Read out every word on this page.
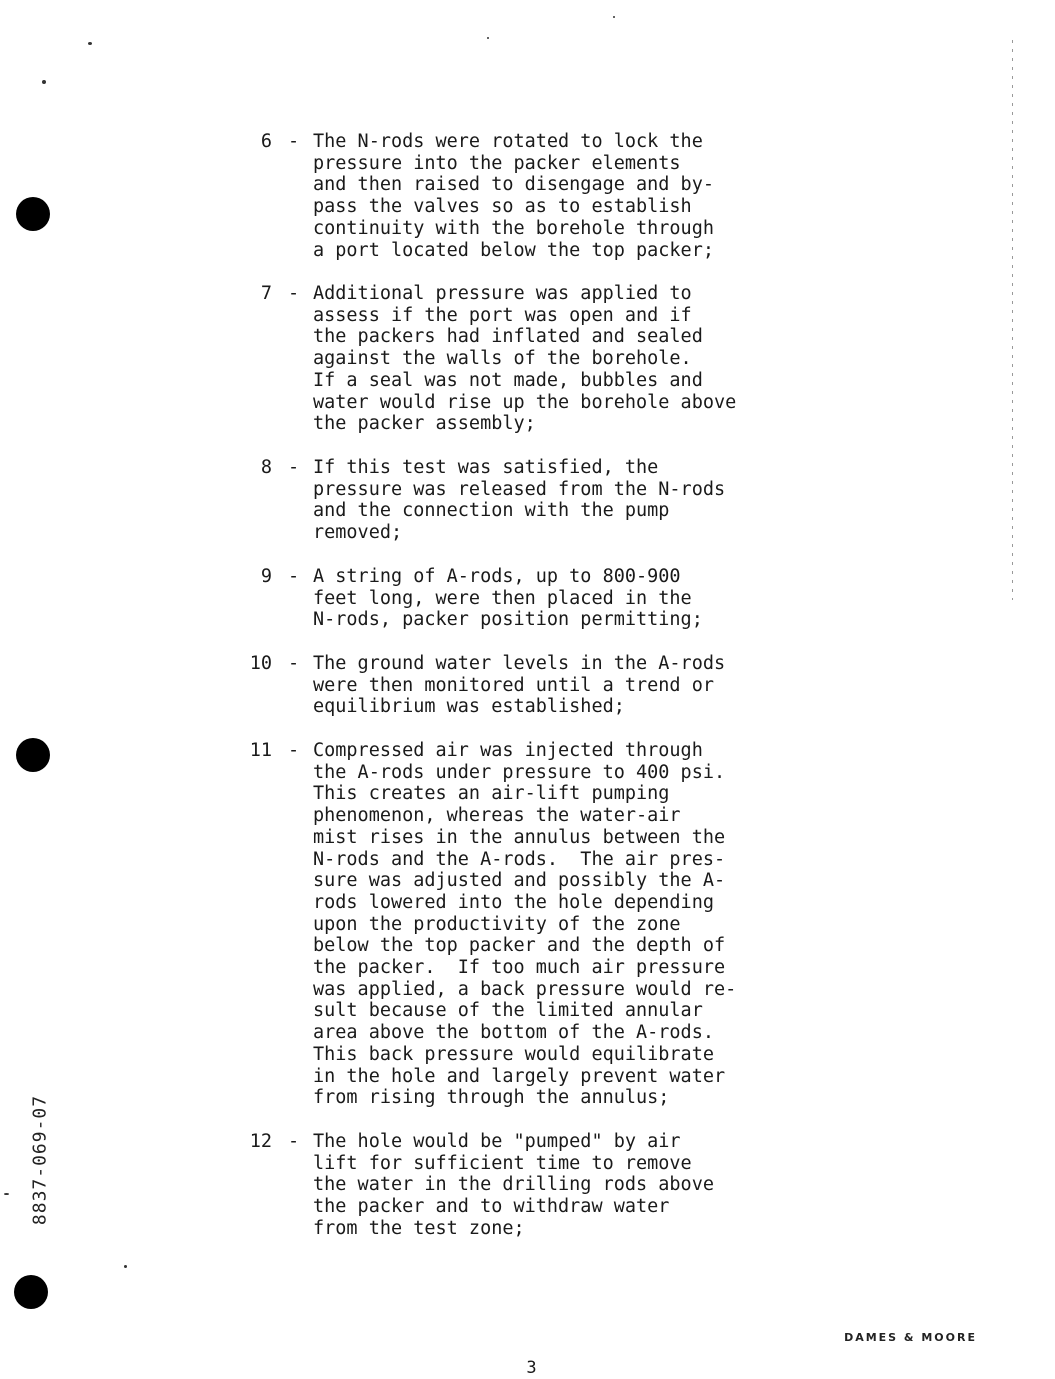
6 - The N-rods were rotated to lock the
pressure into the packer elements
and then raised to disengage and by-
pass the valves so as to establish
continuity with the borehole through
a port located below the top packer;
7 - Additional pressure was applied to
assess if the port was open and if
the packers had inflated and sealed
against the walls of the borehole.
If a seal was not made, bubbles and
water would rise up the borehole above
the packer assembly;
8 - If this test was satisfied, the
pressure was released from the N-rods
and the connection with the pump
removed;
9 - A string of A-rods, up to 800-900
feet long, were then placed in the
N-rods, packer position permitting;
10 - The ground water levels in the A-rods
were then monitored until a trend or
equilibrium was established;
11 - Compressed air was injected through
the A-rods under pressure to 400 psi.
This creates an air-lift pumping
phenomenon, whereas the water-air
mist rises in the annulus between the
N-rods and the A-rods.  The air pres-
sure was adjusted and possibly the A-
rods lowered into the hole depending
upon the productivity of the zone
below the top packer and the depth of
the packer.  If too much air pressure
was applied, a back pressure would re-
sult because of the limited annular
area above the bottom of the A-rods.
This back pressure would equilibrate
in the hole and largely prevent water
from rising through the annulus;
12 - The hole would be "pumped" by air
lift for sufficient time to remove
the water in the drilling rods above
the packer and to withdraw water
from the test zone;
8837-069-07
DAMES & MOORE
3
